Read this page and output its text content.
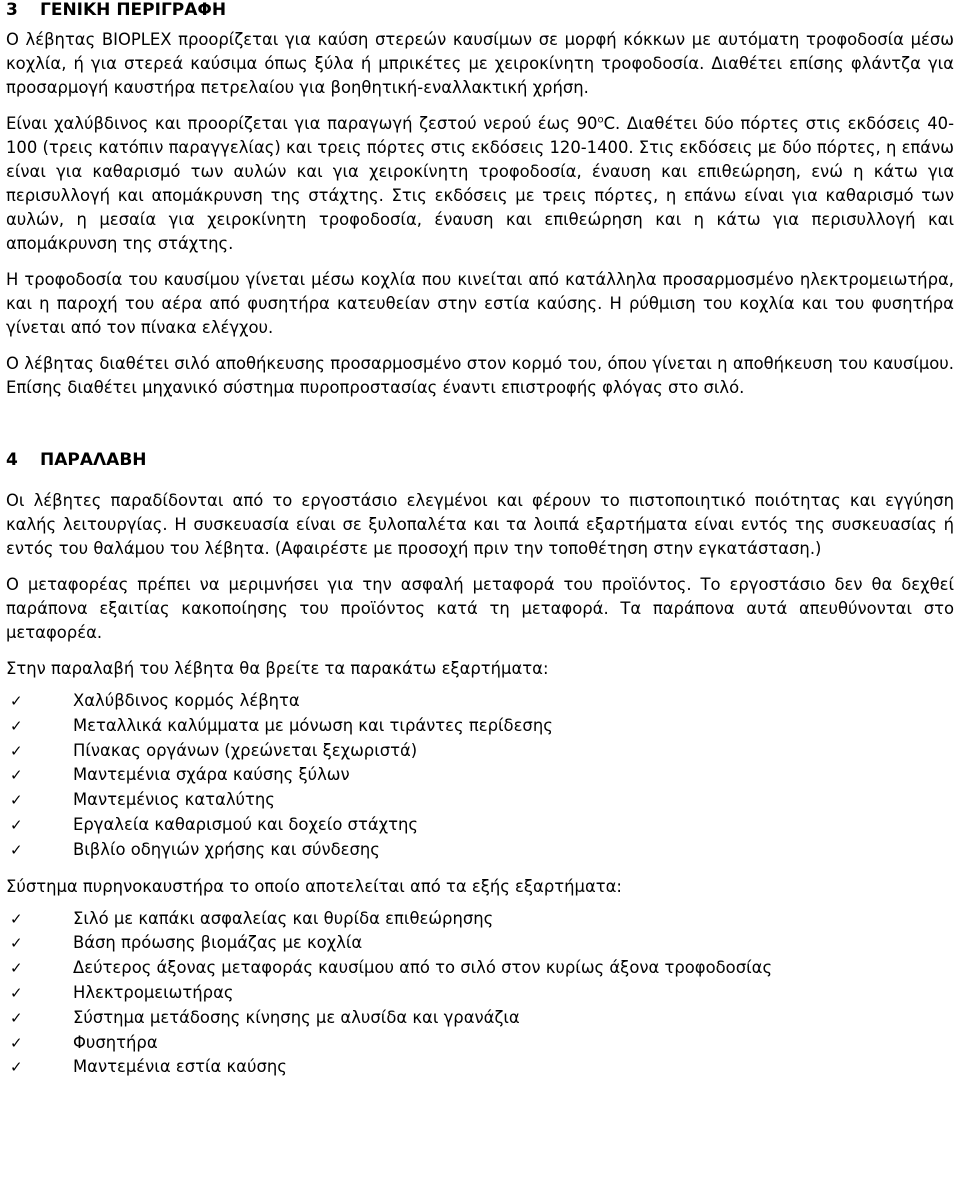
3	ΓΕΝΙΚΗ ΠΕΡΙΓΡΑΦΗ

Ο λέβητας BIOPLEX προορίζεται για καύση στερεών καυσίμων σε μορφή κόκκων με αυτόματη τροφοδοσία μέσω κοχλία, ή για στερεά καύσιμα όπως ξύλα ή μπρικέτες με χειροκίνητη τροφοδοσία. Διαθέτει επίσης φλάντζα για προσαρμογή καυστήρα πετρελαίου για βοηθητική-εναλλακτική χρήση.

Είναι χαλύβδινος και προορίζεται για παραγωγή ζεστού νερού έως $90^oC$. Διαθέτει δύο πόρτες στις εκδόσεις 40-100 (τρεις κατόπιν παραγγελίας) και τρεις πόρτες στις εκδόσεις 120-1400. Στις εκδόσεις με δύο πόρτες, η επάνω είναι για καθαρισμό των αυλών και για χειροκίνητη τροφοδοσία, έναυση και επιθεώρηση, ενώ η κάτω για περισυλλογή και απομάκρυνση της στάχτης. Στις εκδόσεις με τρεις πόρτες, η επάνω είναι για καθαρισμό των αυλών, η μεσαία για χειροκίνητη τροφοδοσία, έναυση και επιθεώρηση και η κάτω για περισυλλογή και απομάκρυνση της στάχτης.

Η τροφοδοσία του καυσίμου γίνεται μέσω κοχλία που κινείται από κατάλληλα προσαρμοσμένο ηλεκτρομειωτήρα, και η παροχή του αέρα από φυσητήρα κατευθείαν στην εστία καύσης. Η ρύθμιση του κοχλία και του φυσητήρα γίνεται από τον πίνακα ελέγχου.

Ο λέβητας διαθέτει σιλό αποθήκευσης προσαρμοσμένο στον κορμό του, όπου γίνεται η αποθήκευση του καυσίμου. Επίσης διαθέτει μηχανικό σύστημα πυροπροστασίας έναντι επιστροφής φλόγας στο σιλό.

4	ΠΑΡΑΛΑΒΗ

Οι λέβητες παραδίδονται από το εργοστάσιο ελεγμένοι και φέρουν το πιστοποιητικό ποιότητας και εγγύηση καλής λειτουργίας. Η συσκευασία είναι σε ξυλοπαλέτα και τα λοιπά εξαρτήματα είναι εντός της συσκευασίας ή εντός του θαλάμου του λέβητα. (Αφαιρέστε με προσοχή πριν την τοποθέτηση στην εγκατάσταση.)

Ο μεταφορέας πρέπει να μεριμνήσει για την ασφαλή μεταφορά του προϊόντος. Το εργοστάσιο δεν θα δεχθεί παράπονα εξαιτίας κακοποίησης του προϊόντος κατά τη μεταφορά. Τα παράπονα αυτά απευθύνονται στο μεταφορέα.

Στην παραλαβή του λέβητα θα βρείτε τα παρακάτω εξαρτήματα:

✓	Χαλύβδινος κορμός λέβητα
✓	Μεταλλικά καλύμματα με μόνωση και τιράντες περίδεσης
✓	Πίνακας οργάνων (χρεώνεται ξεχωριστά)
✓	Μαντεμένια σχάρα καύσης ξύλων
✓	Μαντεμένιος καταλύτης
✓	Εργαλεία καθαρισμού και δοχείο στάχτης
✓	Βιβλίο οδηγιών χρήσης και σύνδεσης

Σύστημα πυρηνοκαυστήρα το οποίο αποτελείται από τα εξής εξαρτήματα:

✓	Σιλό με καπάκι ασφαλείας και θυρίδα επιθεώρησης
✓	Βάση πρόωσης βιομάζας με κοχλία
✓	Δεύτερος άξονας μεταφοράς καυσίμου από το σιλό στον κυρίως άξονα τροφοδοσίας
✓	Ηλεκτρομειωτήρας
✓	Σύστημα μετάδοσης κίνησης με αλυσίδα και γρανάζια
✓	Φυσητήρα
✓	Μαντεμένια εστία καύσης
